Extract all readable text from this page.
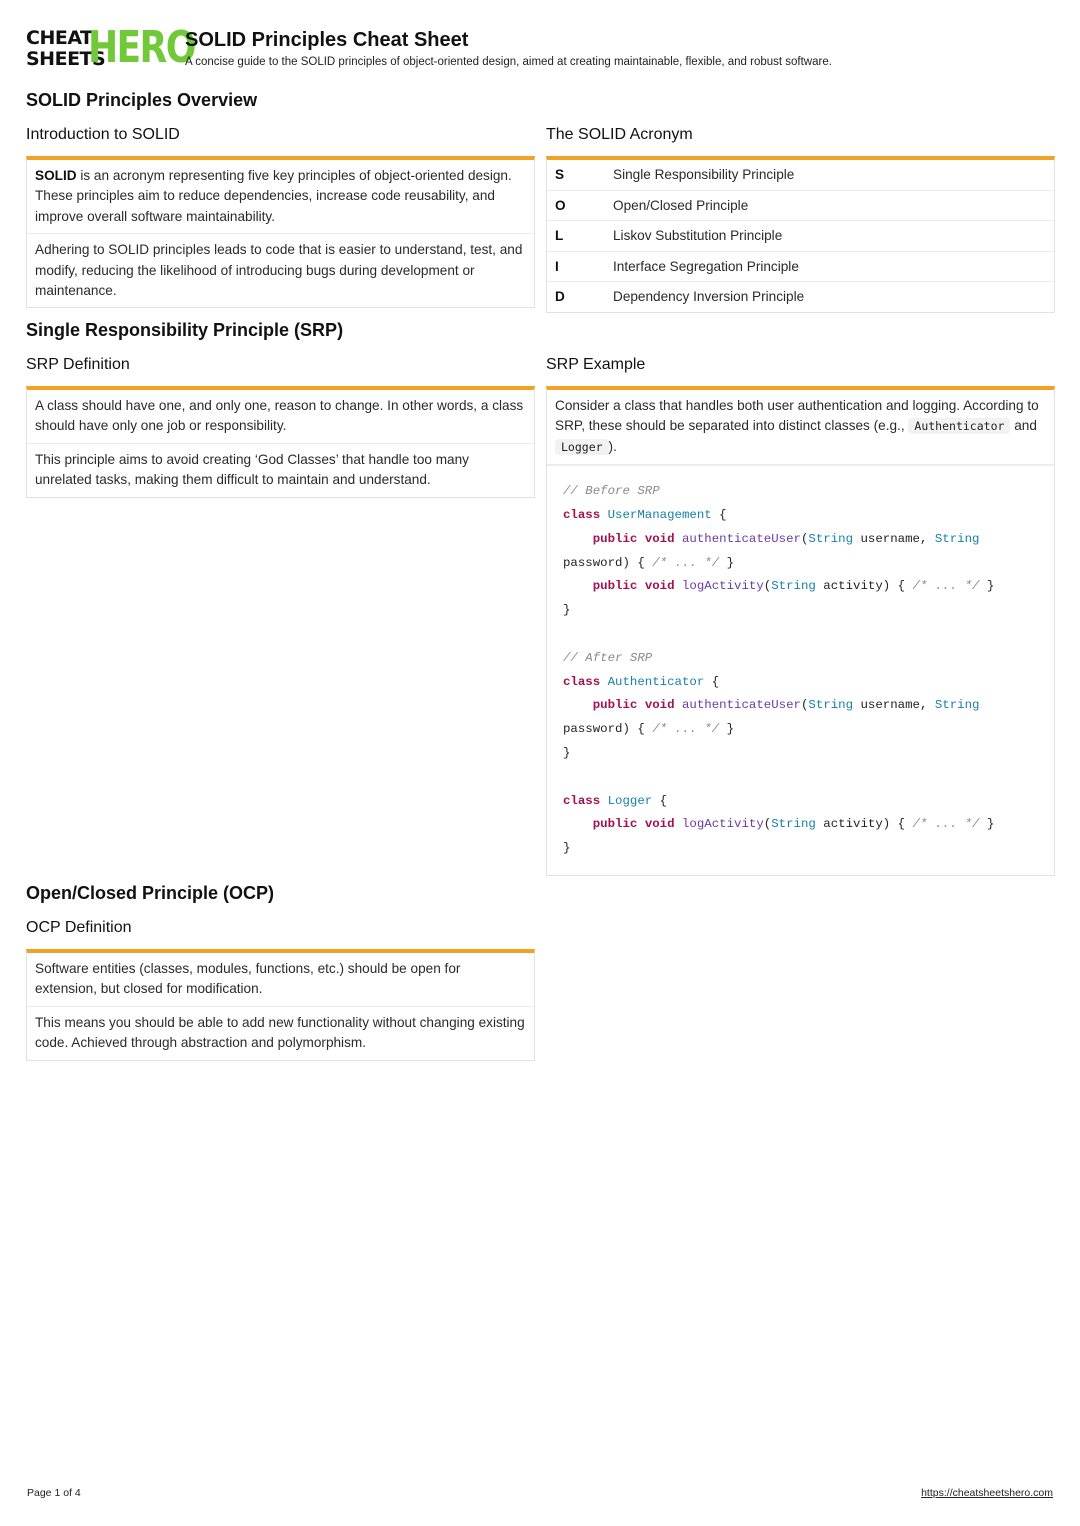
CHEAT
SHEETS
HERO
SOLID Principles Cheat Sheet
A concise guide to the SOLID principles of object-oriented design, aimed at creating maintainable, flexible, and robust software.
SOLID Principles Overview
Introduction to SOLID
SOLID is an acronym representing five key principles of object-oriented design. These principles aim to reduce dependencies, increase code reusability, and improve overall software maintainability.
Adhering to SOLID principles leads to code that is easier to understand, test, and modify, reducing the likelihood of introducing bugs during development or maintenance.
The SOLID Acronym
S	Single Responsibility Principle
O	Open/Closed Principle
L	Liskov Substitution Principle
I	Interface Segregation Principle
D	Dependency Inversion Principle
Single Responsibility Principle (SRP)
SRP Definition
A class should have one, and only one, reason to change. In other words, a class should have only one job or responsibility.
This principle aims to avoid creating ‘God Classes’ that handle too many unrelated tasks, making them difficult to maintain and understand.
SRP Example
Consider a class that handles both user authentication and logging. According to SRP, these should be separated into distinct classes (e.g., Authenticator and Logger ).
// Before SRP
class UserManagement {
public void authenticateUser(String username, String
password) { /* ... */ }
public void logActivity(String activity) { /* ... */ }
}
// After SRP
class Authenticator {
public void authenticateUser(String username, String
password) { /* ... */ }
}
class Logger {
public void logActivity(String activity) { /* ... */ }
}
Open/Closed Principle (OCP)
OCP Definition
Software entities (classes, modules, functions, etc.) should be open for extension, but closed for modification.
This means you should be able to add new functionality without changing existing code. Achieved through abstraction and polymorphism.
Page 1 of 4	https://cheatsheetshero.com
